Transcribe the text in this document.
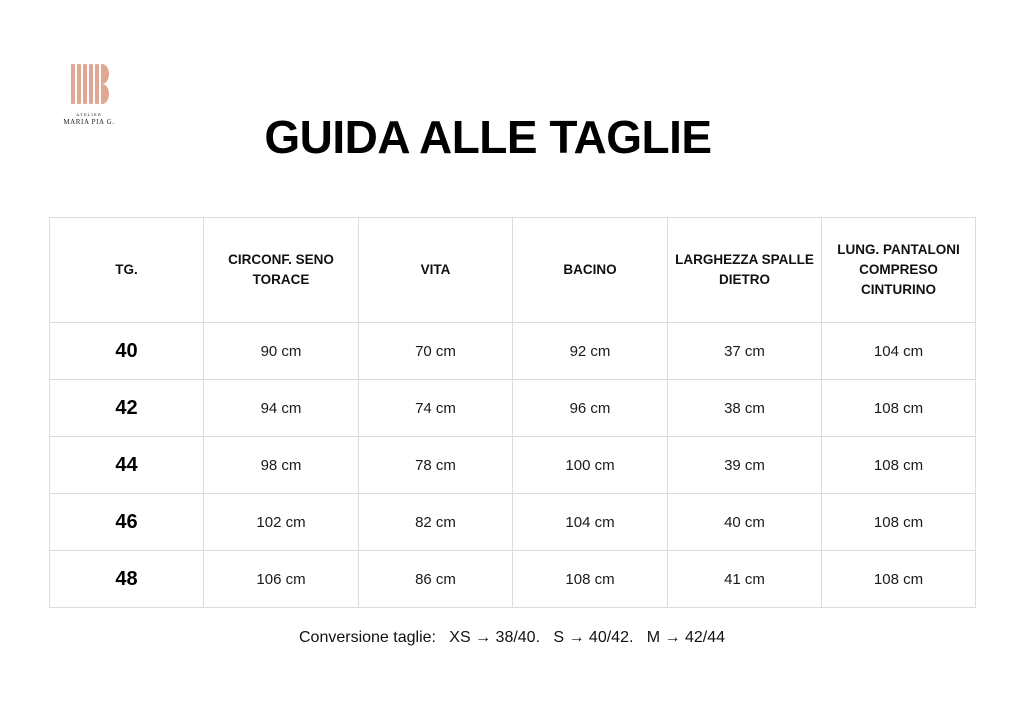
ATELIER
MARIA PIA G.	GUIDA ALLE TAGLIE
TG.	CIRCONF. SENO TORACE	VITA	BACINO	LARGHEZZA SPALLE DIETRO	LUNG. PANTALONI COMPRESO CINTURINO
40	90 cm	70 cm	92 cm	37 cm	104 cm
42	94 cm	74 cm	96 cm	38 cm	108 cm
44	98 cm	78 cm	100 cm	39 cm	108 cm
46	102 cm	82 cm	104 cm	40 cm	108 cm
48	106 cm	86 cm	108 cm	41 cm	108 cm
Conversione taglie:   XS → 38/40.   S → 40/42.   M → 42/44
